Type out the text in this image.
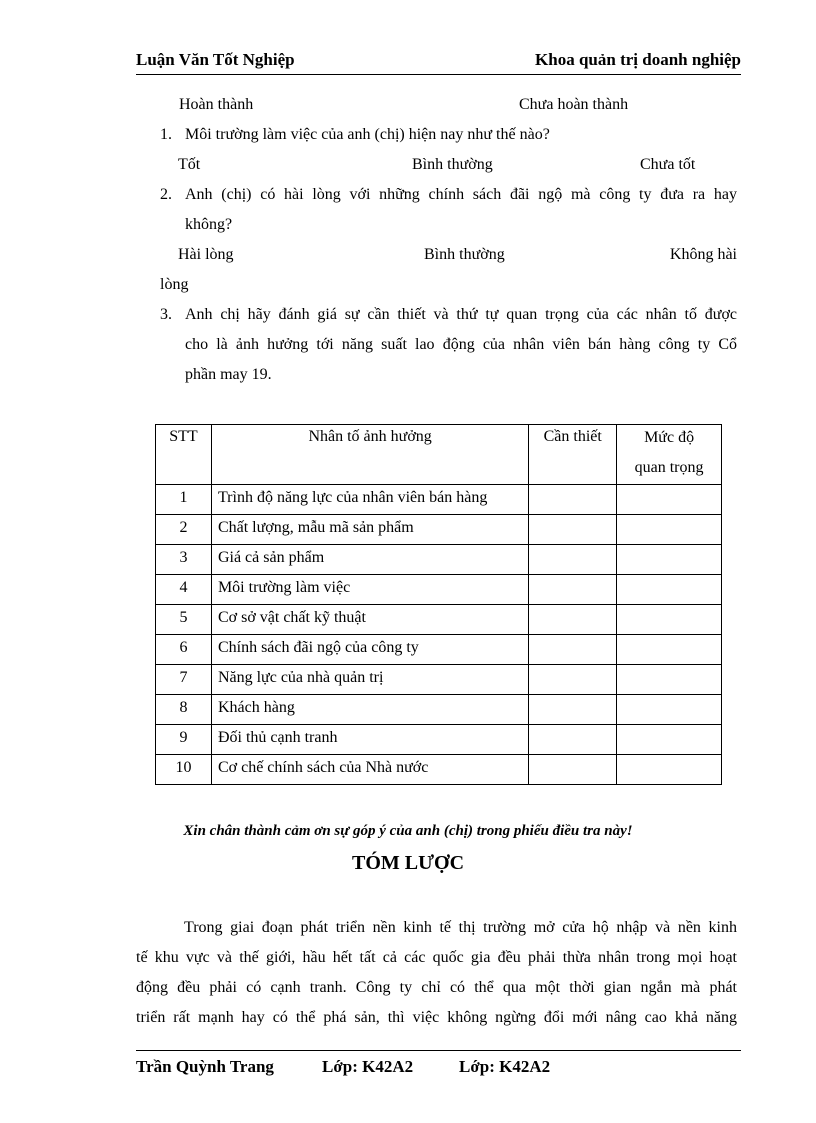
Luận Văn Tốt Nghiệp	Khoa quản trị doanh nghiệp
Hoàn thành	Chưa hoàn thành
1. Môi trường làm việc của anh (chị) hiện nay như thế nào?
Tốt	Bình thường	Chưa tốt
2. Anh (chị) có hài lòng với những chính sách đãi ngộ mà công ty đưa ra hay
không?
Hài lòng	Bình thường	Không hài
lòng
3. Anh chị hãy đánh giá sự cần thiết và thứ tự quan trọng của các nhân tố được
cho là ảnh hưởng tới năng suất lao động của nhân viên bán hàng công ty Cổ
phần may 19.
STT	Nhân tố ảnh hưởng	Cần thiết	Mức độ
quan trọng

1	Trình độ năng lực của nhân viên bán hàng		
2	Chất lượng, mẫu mã sản phẩm		
3	Giá cả sản phẩm		
4	Môi trường làm việc		
5	Cơ sở vật chất kỹ thuật		
6	Chính sách đãi ngộ của công ty		
7	Năng lực của nhà quản trị		
8	Khách hàng		
9	Đối thủ cạnh tranh		
10	Cơ chế chính sách của Nhà nước		
Xin chân thành cảm ơn sự góp ý của anh (chị) trong phiếu điều tra này!
TÓM LƯỢC
Trong giai đoạn phát triển nền kinh tế thị trường mở cửa hộ nhập và nền kinh
tế khu vực và thế giới, hầu hết tất cả các quốc gia đều phải thừa nhân trong mọi hoạt
động đều phải có cạnh tranh. Công ty chỉ có thể qua một thời gian ngắn mà phát
triển rất mạnh hay có thể phá sản, thì việc không ngừng đổi mới nâng cao khả năng
Trần Quỳnh Trang	Lớp: K42A2	Lớp: K42A2
